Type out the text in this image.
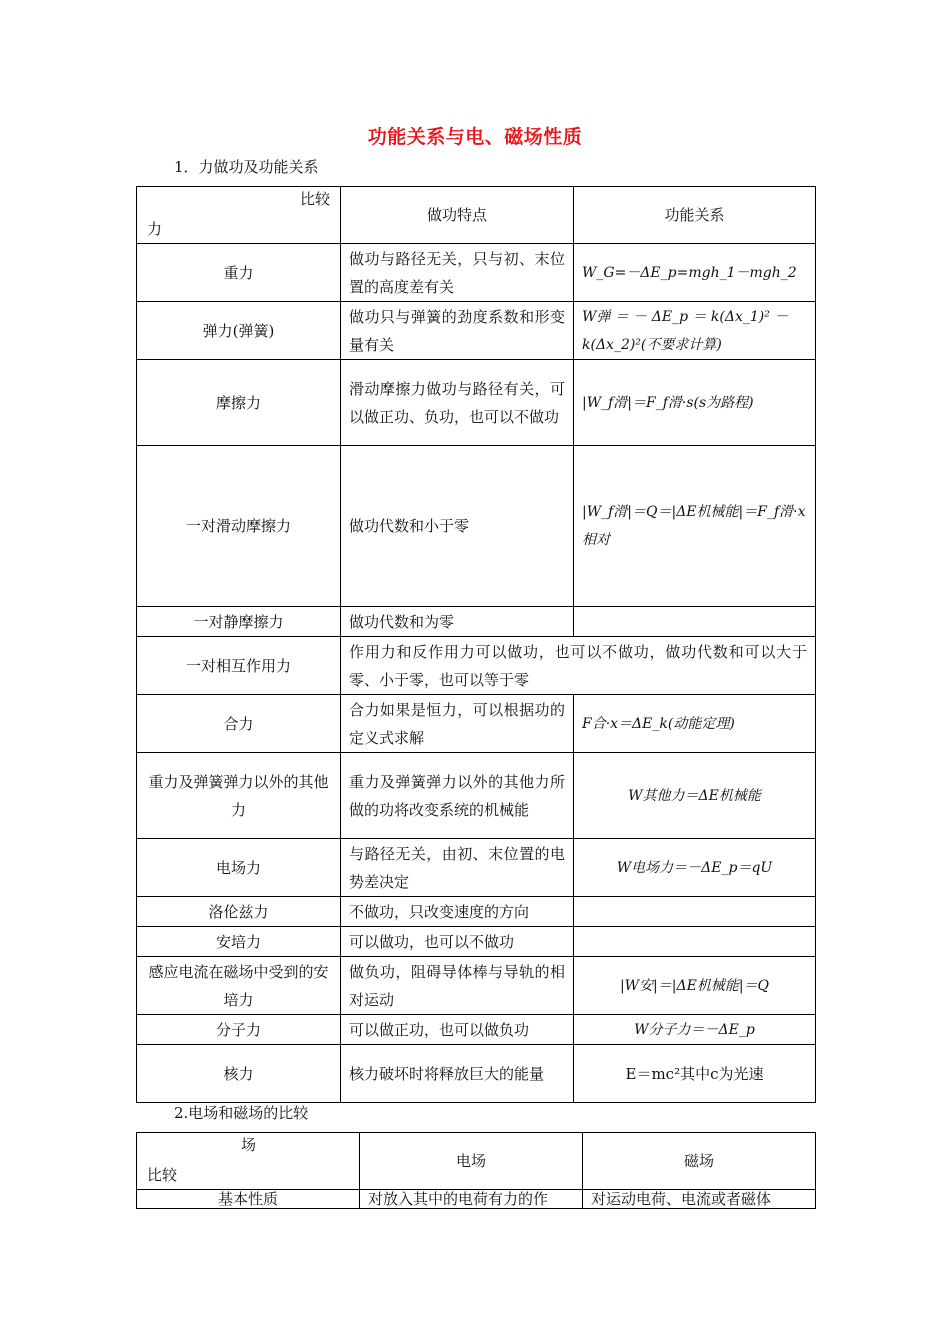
功能关系与电、磁场性质
1．力做功及功能关系
比较
力	做功特点	功能关系
重力	做功与路径无关，只与初、末位置的高度差有关	W_G=－ΔE_p=mgh_1－mgh_2
弹力(弹簧)	做功只与弹簧的劲度系数和形变量有关	W弹 ＝ － ΔE_p ＝ k(Δx_1)² － k(Δx_2)²(不要求计算)
摩擦力	滑动摩擦力做功与路径有关，可以做正功、负功，也可以不做功	|W_f滑|＝F_f滑·s(s为路程)
一对滑动摩擦力	做功代数和小于零	|W_f滑|＝Q＝|ΔE机械能|＝F_f滑·x相对
一对静摩擦力	做功代数和为零	
一对相互作用力	作用力和反作用力可以做功，也可以不做功，做功代数和可以大于零、小于零，也可以等于零	
合力	合力如果是恒力，可以根据功的定义式求解	F合·x＝ΔE_k(动能定理)
重力及弹簧弹力以外的其他力	重力及弹簧弹力以外的其他力所做的功将改变系统的机械能	W其他力＝ΔE机械能
电场力	与路径无关，由初、末位置的电势差决定	W电场力＝－ΔE_p＝qU
洛伦兹力	不做功，只改变速度的方向	
安培力	可以做功，也可以不做功	
感应电流在磁场中受到的安培力	做负功，阻碍导体棒与导轨的相对运动	|W安|＝|ΔE机械能|＝Q
分子力	可以做正功，也可以做负功	W分子力＝－ΔE_p
核力	核力破坏时将释放巨大的能量	E＝mc²其中c为光速
2.电场和磁场的比较
场
比较	电场	磁场
基本性质	对放入其中的电荷有力的作	对运动电荷、电流或者磁体
